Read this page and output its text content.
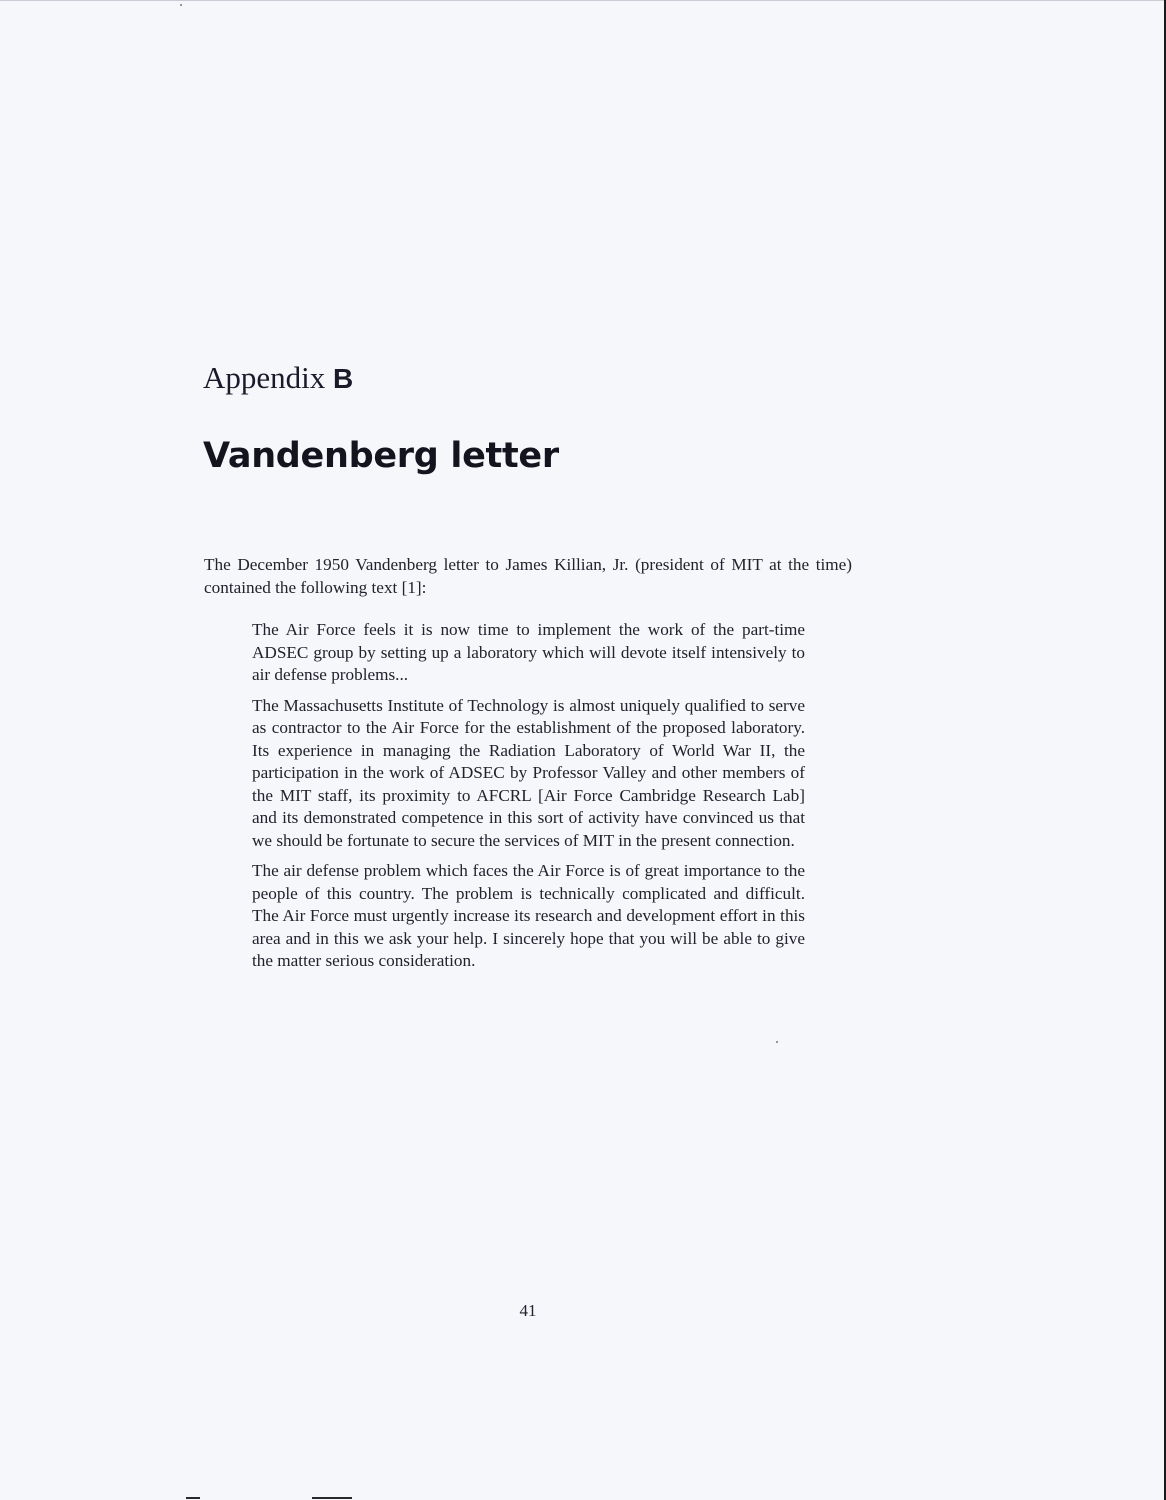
Appendix B
Vandenberg letter

The December 1950 Vandenberg letter to James Killian, Jr. (president of MIT at the time) contained the following text [1]:

The Air Force feels it is now time to implement the work of the part-time ADSEC group by setting up a laboratory which will devote itself intensively to air defense problems...

The Massachusetts Institute of Technology is almost uniquely qualified to serve as contractor to the Air Force for the establishment of the proposed laboratory. Its experience in managing the Radiation Laboratory of World War II, the participation in the work of ADSEC by Professor Valley and other members of the MIT staff, its proximity to AFCRL [Air Force Cambridge Research Lab] and its demonstrated competence in this sort of activity have convinced us that we should be fortunate to secure the services of MIT in the present connection.

The air defense problem which faces the Air Force is of great importance to the people of this country. The problem is technically complicated and difficult. The Air Force must urgently increase its research and development effort in this area and in this we ask your help. I sincerely hope that you will be able to give the matter serious consideration.

41
